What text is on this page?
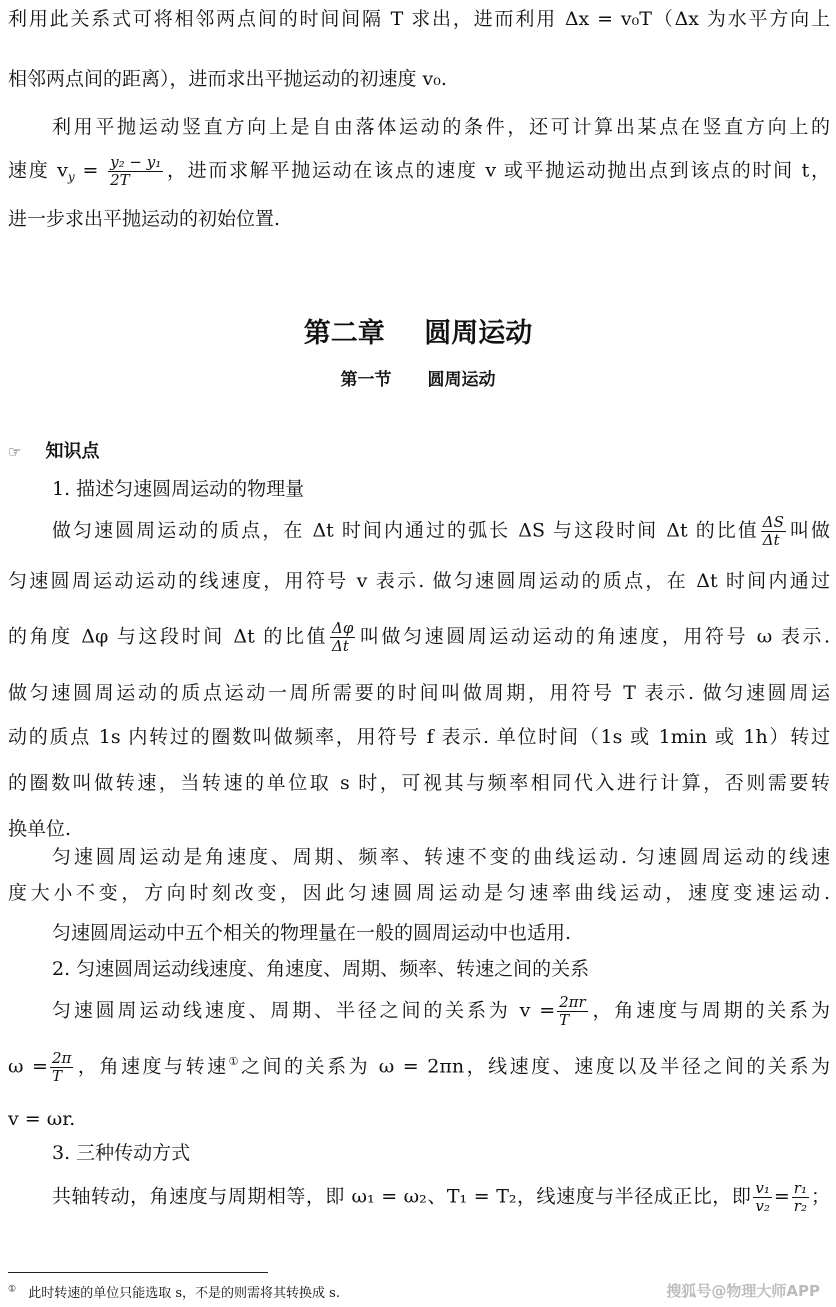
利用此关系式可将相邻两点间的时间间隔 T 求出，进而利用 Δx = v₀T（Δx 为水平方向上
相邻两点间的距离），进而求出平抛运动的初速度 v₀.
利用平抛运动竖直方向上是自由落体运动的条件，还可计算出某点在竖直方向上的
速度 $v_y = \frac{\text{y₂ − y₁}}{2T}$ ，进而求解平抛运动在该点的速度 v 或平抛运动抛出点到该点的时间 t，
进一步求出平抛运动的初始位置.
第二章 圆周运动
第一节 圆周运动
☞ 知识点
1. 描述匀速圆周运动的物理量
做匀速圆周运动的质点，在 Δt 时间内通过的弧长 ΔS 与这段时间 Δt 的比值 $\frac{\Delta S}{\Delta t}$ 叫做
匀速圆周运动运动的线速度，用符号 v 表示. 做匀速圆周运动的质点，在 Δt 时间内通过
的角度 Δφ 与这段时间 Δt 的比值 $\frac{\Delta\varphi}{\Delta t}$ 叫做匀速圆周运动运动的角速度，用符号 ω 表示.
做匀速圆周运动的质点运动一周所需要的时间叫做周期，用符号 T 表示. 做匀速圆周运
动的质点 1s 内转过的圈数叫做频率，用符号 f 表示. 单位时间（1s 或 1min 或 1h）转过
的圈数叫做转速，当转速的单位取 s 时，可视其与频率相同代入进行计算，否则需要转
换单位.
匀速圆周运动是角速度、周期、频率、转速不变的曲线运动. 匀速圆周运动的线速
度大小不变，方向时刻改变，因此匀速圆周运动是匀速率曲线运动，速度变速运动.
匀速圆周运动中五个相关的物理量在一般的圆周运动中也适用.
2. 匀速圆周运动线速度、角速度、周期、频率、转速之间的关系
匀速圆周运动线速度、周期、半径之间的关系为 $v = \frac{2\pi r}{T}$ ，角速度与周期的关系为
$\omega = \frac{2\pi}{T}$ ，角速度与转速①之间的关系为 ω = 2πn，线速度、速度以及半径之间的关系为
v = ωr.
3. 三种传动方式
共轴转动，角速度与周期相等，即 ω₁ = ω₂、T₁ = T₂，线速度与半径成正比，即 $\frac{\text{v₁}}{\text{v₂}} = \frac{\text{r₁}}{\text{r₂}}$ ；
① 此时转速的单位只能选取 s，不是的则需将其转换成 s.	搜狐号@物理大师APP
